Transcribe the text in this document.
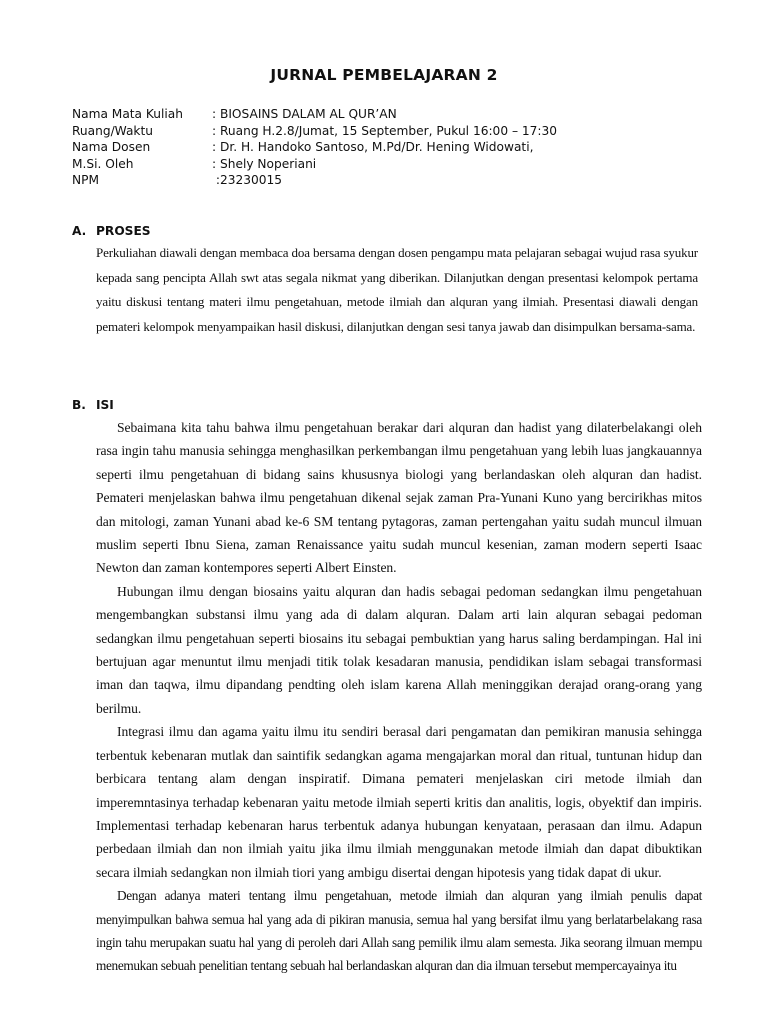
JURNAL PEMBELAJARAN 2
Nama Mata Kuliah : BIOSAINS DALAM AL QUR’AN
Ruang/Waktu	: Ruang H.2.8/Jumat, 15 September, Pukul 16:00 – 17:30
Nama Dosen	: Dr. H. Handoko Santoso, M.Pd/Dr. Hening Widowati,
M.Si. Oleh	: Shely Noperiani
NPM	:23230015
A. PROSES
Perkuliahan diawali dengan membaca doa bersama dengan dosen pengampu mata pelajaran sebagai wujud rasa syukur kepada sang pencipta Allah swt atas segala nikmat yang diberikan. Dilanjutkan dengan presentasi kelompok pertama yaitu diskusi tentang materi ilmu pengetahuan, metode ilmiah dan alquran yang ilmiah. Presentasi diawali dengan pemateri kelompok menyampaikan hasil diskusi, dilanjutkan dengan sesi tanya jawab dan disimpulkan bersama-sama.
B. ISI

Sebaimana kita tahu bahwa ilmu pengetahuan berakar dari alquran dan hadist yang dilaterbelakangi oleh rasa ingin tahu manusia sehingga menghasilkan perkembangan ilmu pengetahuan yang lebih luas jangkauannya seperti ilmu pengetahuan di bidang sains khususnya biologi yang berlandaskan oleh alquran dan hadist. Pemateri menjelaskan bahwa ilmu pengetahuan dikenal sejak zaman Pra-Yunani Kuno yang bercirikhas mitos dan mitologi, zaman Yunani abad ke-6 SM tentang pytagoras, zaman pertengahan yaitu sudah muncul ilmuan muslim seperti Ibnu Siena, zaman Renaissance yaitu sudah muncul kesenian, zaman modern seperti Isaac Newton dan zaman kontempores seperti Albert Einsten.

Hubungan ilmu dengan biosains yaitu alquran dan hadis sebagai pedoman sedangkan ilmu pengetahuan mengembangkan substansi ilmu yang ada di dalam alquran. Dalam arti lain alquran sebagai pedoman sedangkan ilmu pengetahuan seperti biosains itu sebagai pembuktian yang harus saling berdampingan. Hal ini bertujuan agar menuntut ilmu menjadi titik tolak kesadaran manusia, pendidikan islam sebagai transformasi iman dan taqwa, ilmu dipandang pendting oleh islam karena Allah meninggikan derajad orang-orang yang berilmu.

Integrasi ilmu dan agama yaitu ilmu itu sendiri berasal dari pengamatan dan pemikiran manusia sehingga terbentuk kebenaran mutlak dan saintifik sedangkan agama mengajarkan moral dan ritual, tuntunan hidup dan berbicara tentang alam dengan inspiratif. Dimana pemateri menjelaskan ciri metode ilmiah dan imperemntasinya terhadap kebenaran yaitu metode ilmiah seperti kritis dan analitis, logis, obyektif dan impiris. Implementasi terhadap kebenaran harus terbentuk adanya hubungan kenyataan, perasaan dan ilmu. Adapun perbedaan ilmiah dan non ilmiah yaitu jika ilmu ilmiah menggunakan metode ilmiah dan dapat dibuktikan secara ilmiah sedangkan non ilmiah tiori yang ambigu disertai dengan hipotesis yang tidak dapat di ukur.

Dengan adanya materi tentang ilmu pengetahuan, metode ilmiah dan alquran yang ilmiah penulis dapat menyimpulkan bahwa semua hal yang ada di pikiran manusia, semua hal yang bersifat ilmu yang berlatarbelakang rasa ingin tahu merupakan suatu hal yang di peroleh dari Allah sang pemilik ilmu alam semesta. Jika seorang ilmuan mempu menemukan sebuah penelitian tentang sebuah hal berlandaskan alquran dan dia ilmuan tersebut mempercayainya itu
